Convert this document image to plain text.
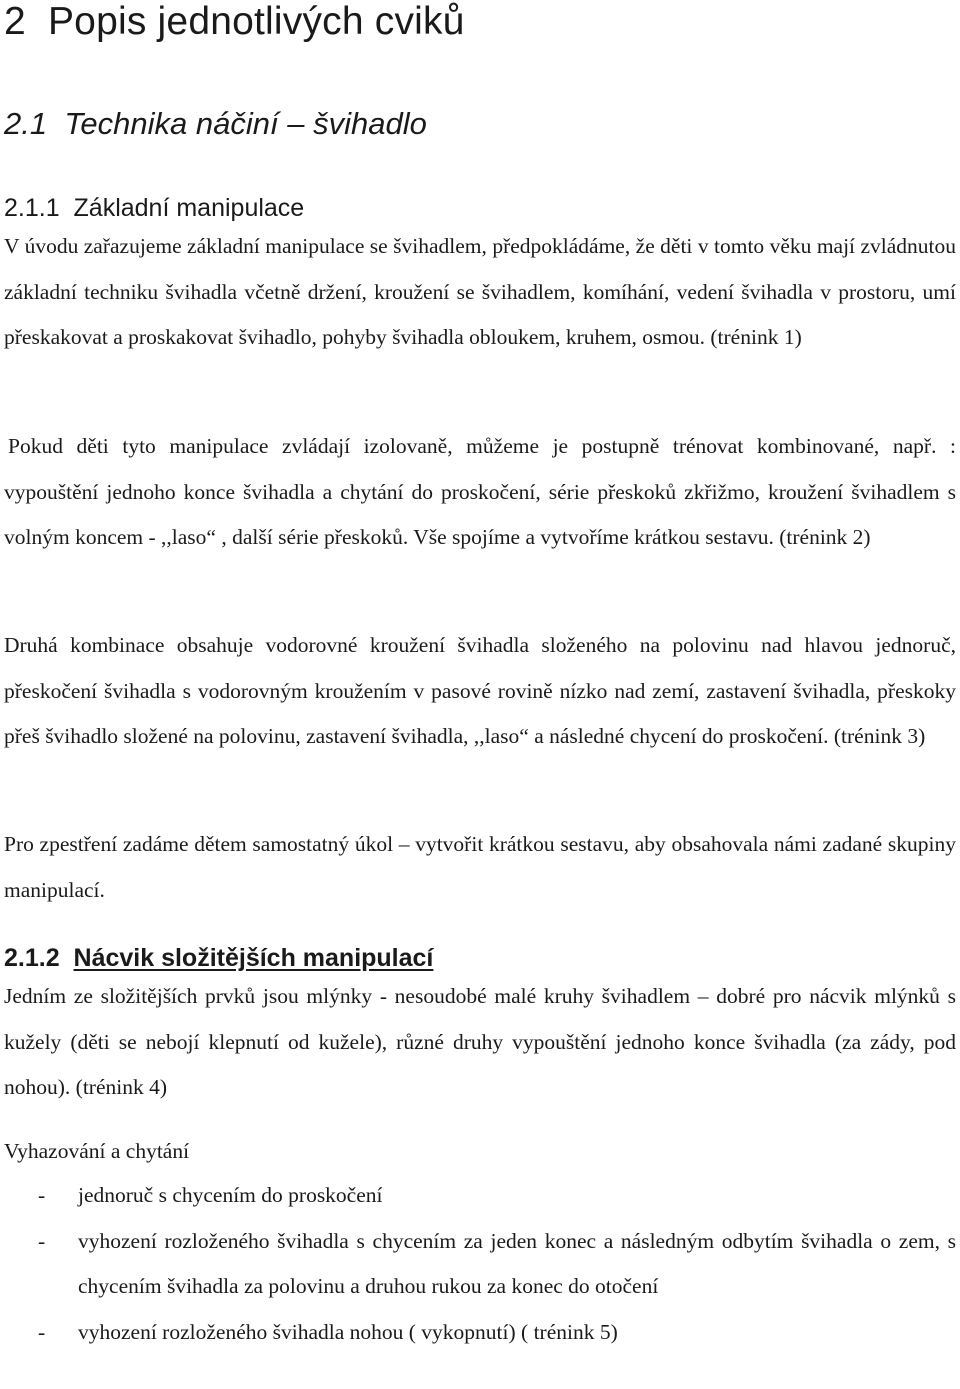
2 Popis jednotlivých cviků
2.1 Technika náčiní – švihadlo
2.1.1 Základní manipulace

V úvodu zařazujeme základní manipulace se švihadlem, předpokládáme, že děti v tomto věku mají zvládnutou základní techniku švihadla včetně držení, kroužení se švihadlem, komíhání, vedení švihadla v prostoru, umí přeskakovat a proskakovat švihadlo, pohyby švihadla obloukem, kruhem, osmou. (trénink 1)

Pokud děti tyto manipulace zvládají izolovaně, můžeme je postupně trénovat kombinované, např. : vypouštění jednoho konce švihadla a chytání do proskočení, série přeskoků zkřižmo, kroužení švihadlem s volným koncem - ,,laso“ , další série přeskoků. Vše spojíme a vytvoříme krátkou sestavu. (trénink 2)

Druhá kombinace obsahuje vodorovné kroužení švihadla složeného na polovinu nad hlavou jednoruč, přeskočení švihadla s vodorovným kroužením v pasové rovině nízko nad zemí, zastavení švihadla, přeskoky přeš švihadlo složené na polovinu, zastavení švihadla, ,,laso“ a následné chycení do proskočení. (trénink 3)

Pro zpestření zadáme dětem samostatný úkol – vytvořit krátkou sestavu, aby obsahovala námi zadané skupiny manipulací.

2.1.2 Nácvik složitějších manipulací

Jedním ze složitějších prvků jsou mlýnky - nesoudobé malé kruhy švihadlem – dobré pro nácvik mlýnků s kužely (děti se nebojí klepnutí od kužele), různé druhy vypouštění jednoho konce švihadla (za zády, pod nohou). (trénink 4)

Vyhazování a chytání

- jednoruč s chycením do proskočení
- vyhození rozloženého švihadla s chycením za jeden konec a následným odbytím švihadla o zem, s chycením švihadla za polovinu a druhou rukou za konec do otočení
- vyhození rozloženého švihadla nohou ( vykopnutí) ( trénink 5)
